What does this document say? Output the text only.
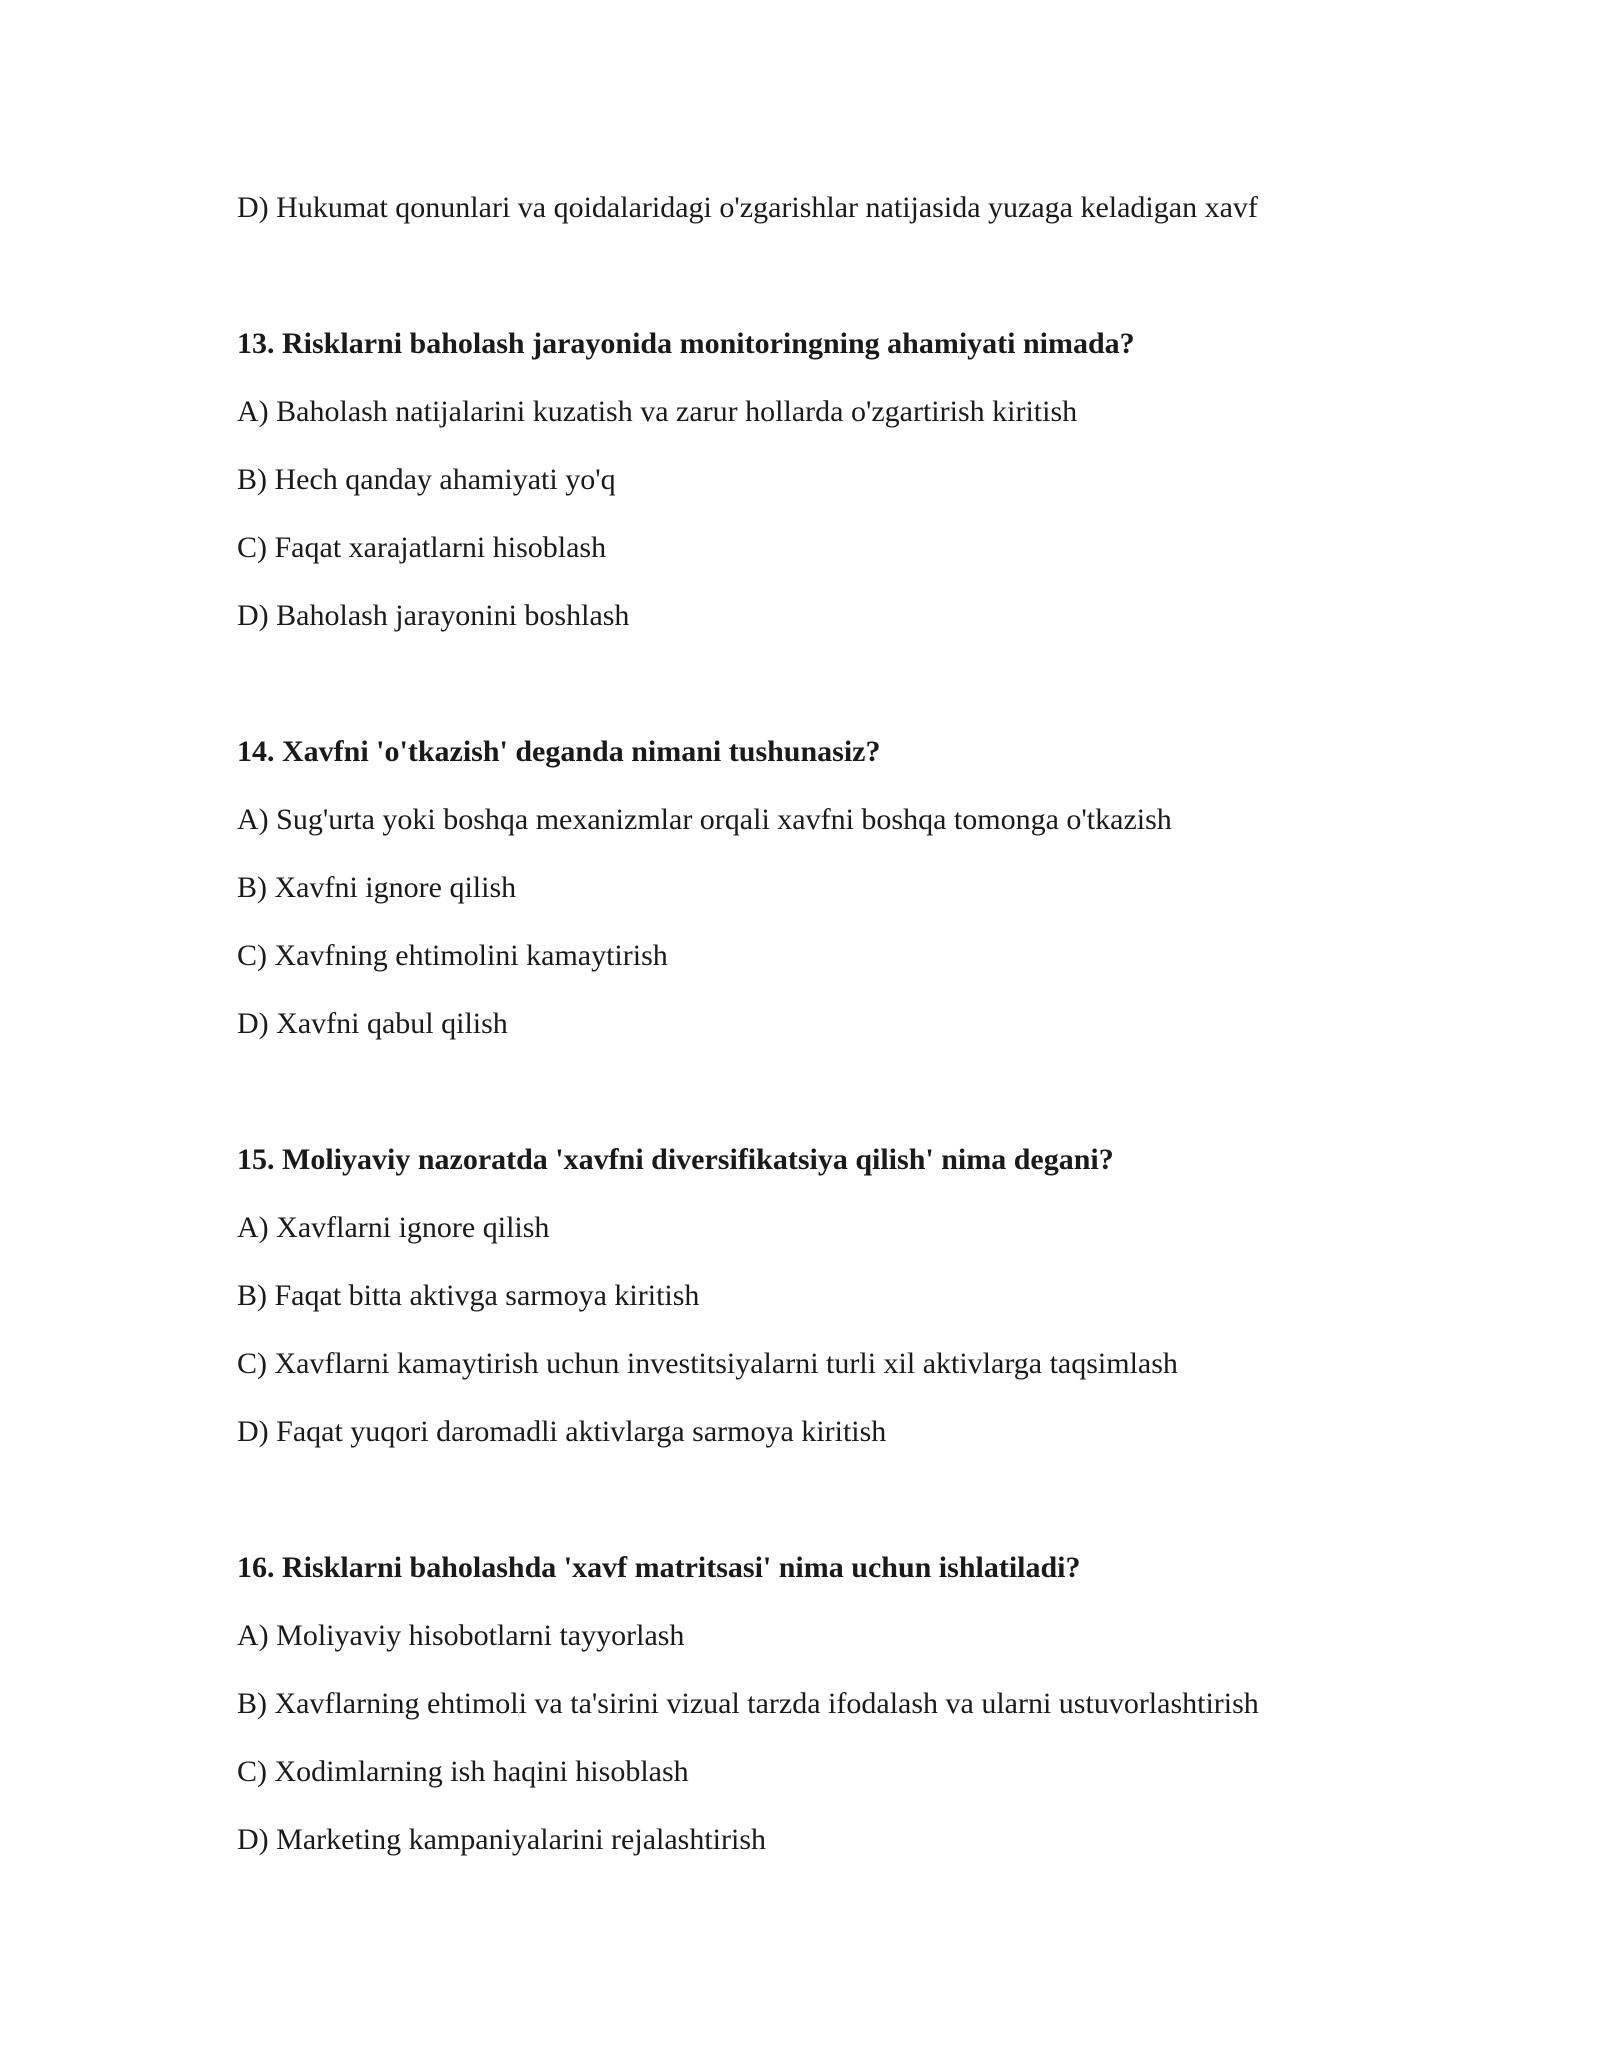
D) Hukumat qonunlari va qoidalaridagi o'zgarishlar natijasida yuzaga keladigan xavf

13. Risklarni baholash jarayonida monitoringning ahamiyati nimada?

A) Baholash natijalarini kuzatish va zarur hollarda o'zgartirish kiritish

B) Hech qanday ahamiyati yo'q

C) Faqat xarajatlarni hisoblash

D) Baholash jarayonini boshlash

14. Xavfni 'o'tkazish' deganda nimani tushunasiz?

A) Sug'urta yoki boshqa mexanizmlar orqali xavfni boshqa tomonga o'tkazish

B) Xavfni ignore qilish

C) Xavfning ehtimolini kamaytirish

D) Xavfni qabul qilish

15. Moliyaviy nazoratda 'xavfni diversifikatsiya qilish' nima degani?

A) Xavflarni ignore qilish

B) Faqat bitta aktivga sarmoya kiritish

C) Xavflarni kamaytirish uchun investitsiyalarni turli xil aktivlarga taqsimlash

D) Faqat yuqori daromadli aktivlarga sarmoya kiritish

16. Risklarni baholashda 'xavf matritsasi' nima uchun ishlatiladi?

A) Moliyaviy hisobotlarni tayyorlash

B) Xavflarning ehtimoli va ta'sirini vizual tarzda ifodalash va ularni ustuvorlashtirish

C) Xodimlarning ish haqini hisoblash

D) Marketing kampaniyalarini rejalashtirish
